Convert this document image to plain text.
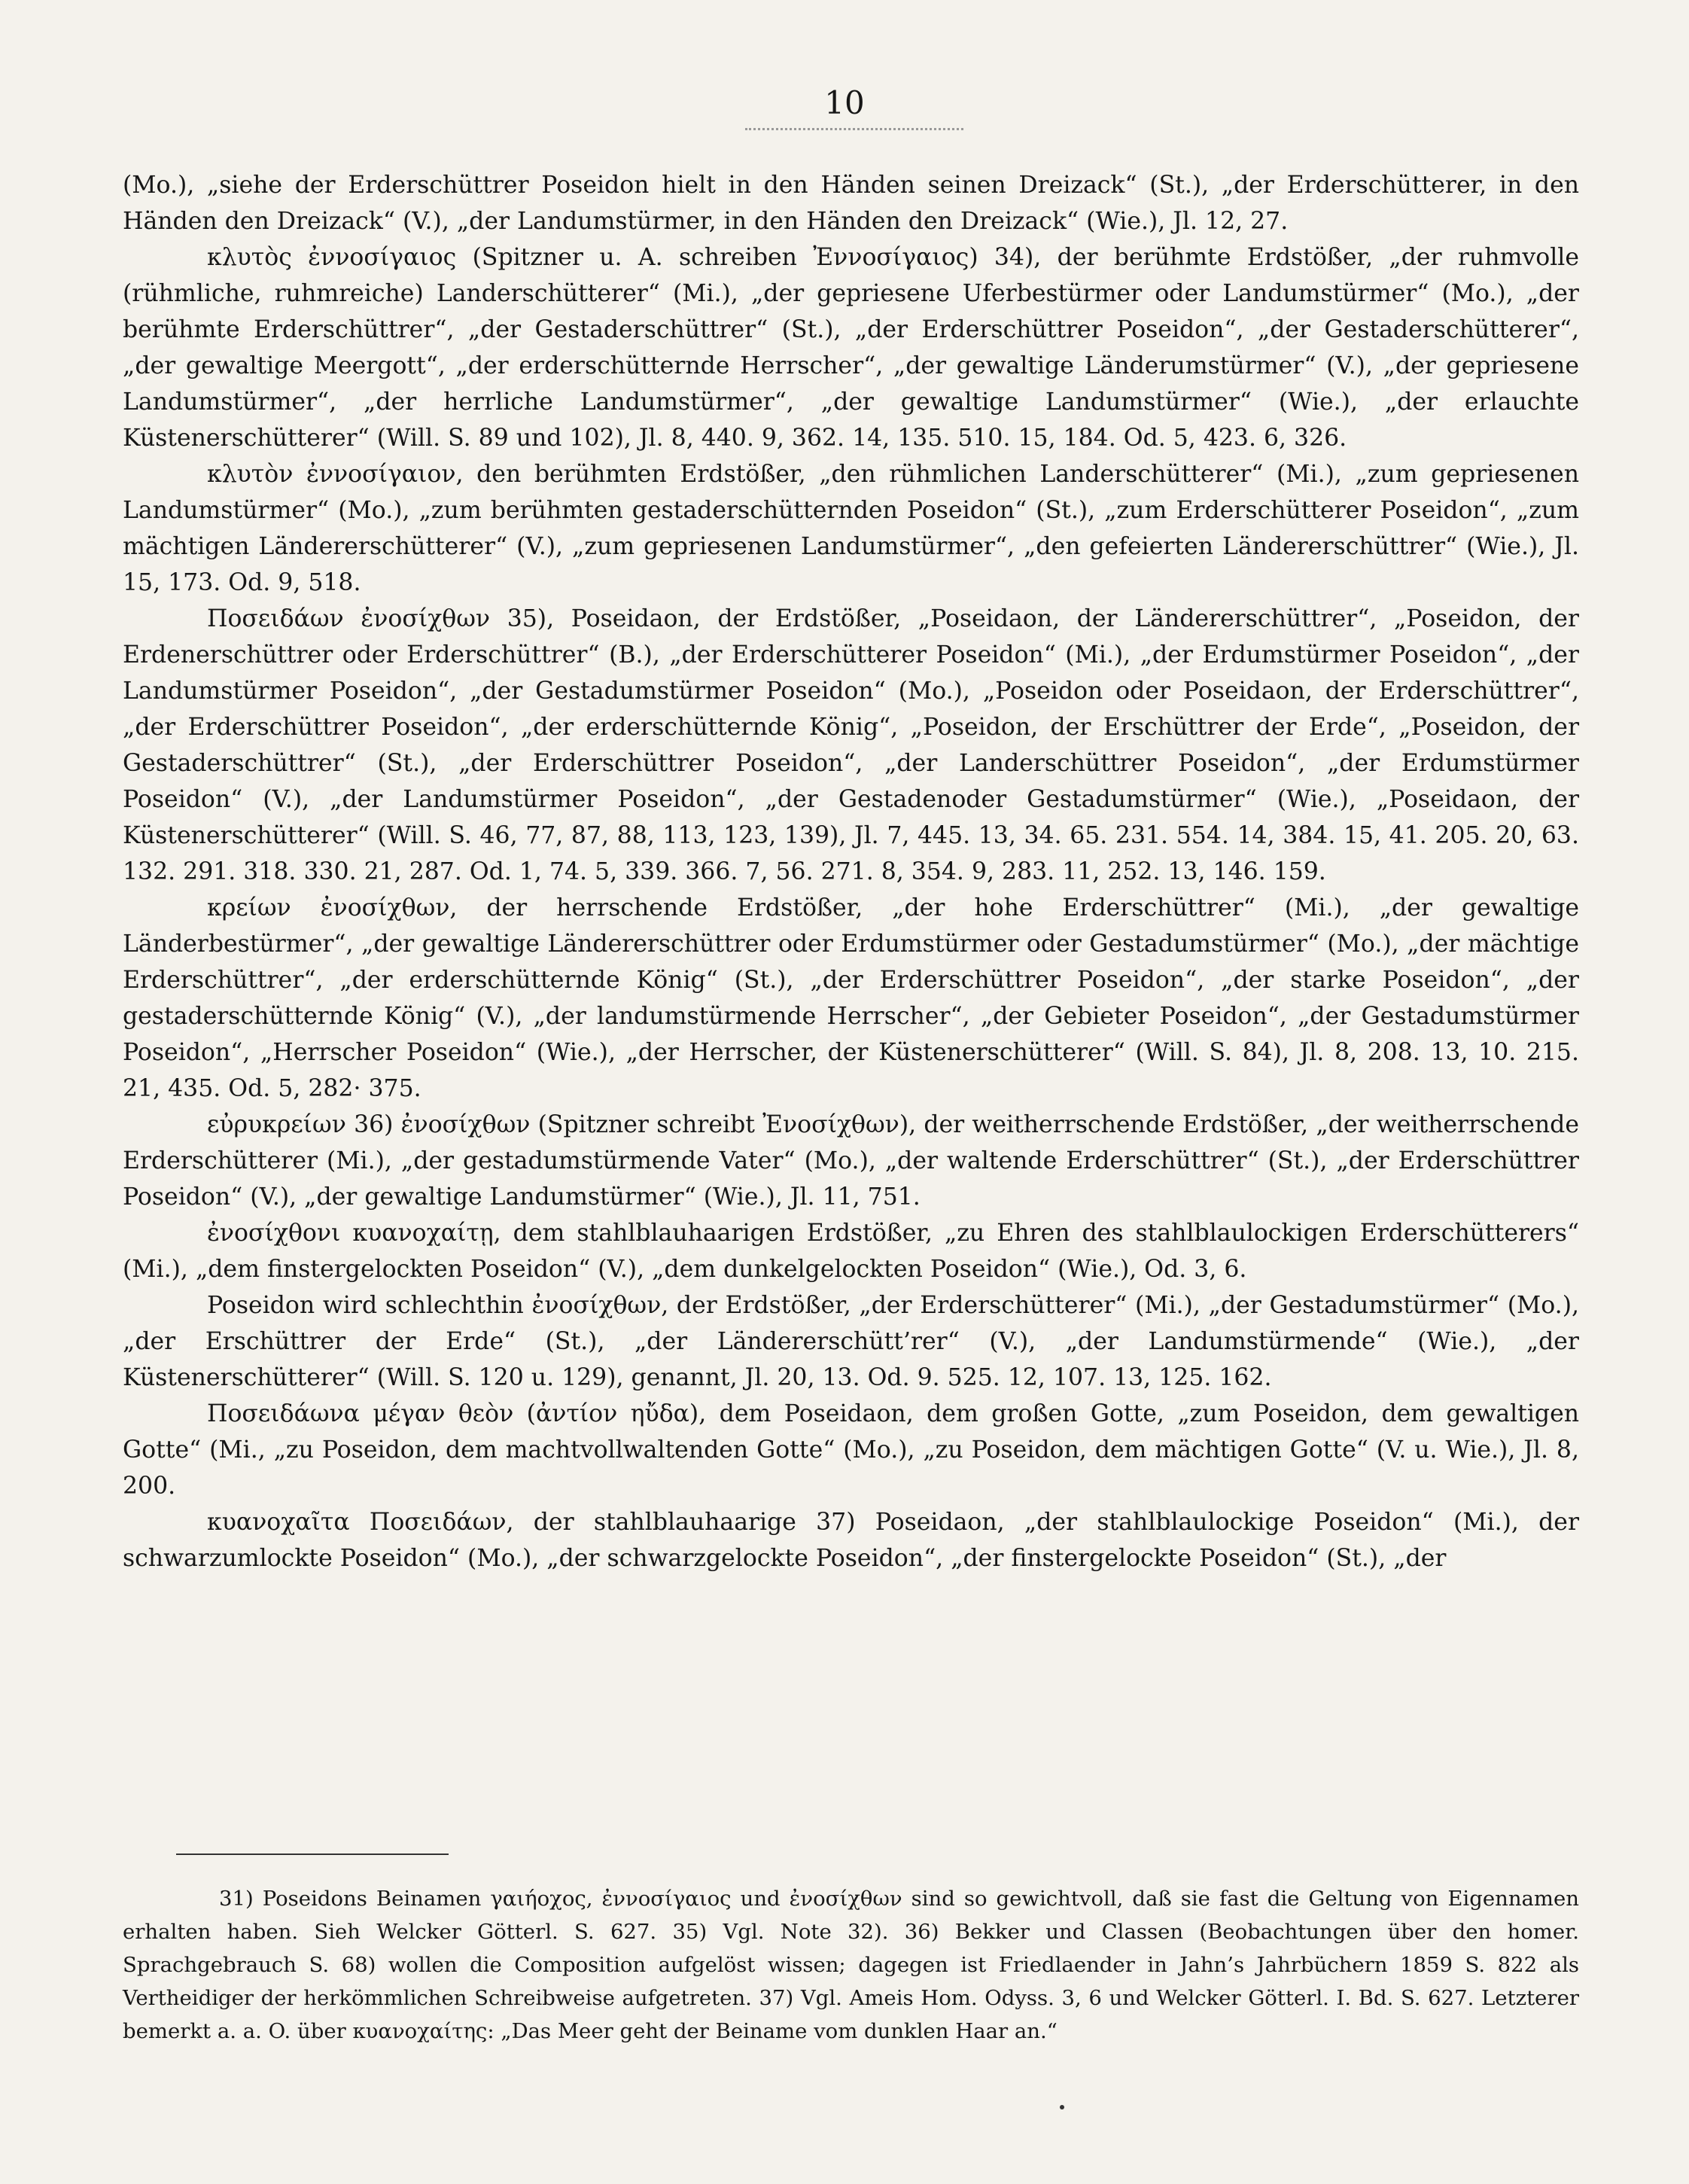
10

(Mo.), „siehe der Erderschüttrer Poseidon hielt in den Händen seinen Dreizack“ (St.), „der Erderschütterer, in den Händen den Dreizack“ (V.), „der Landumstürmer, in den Händen den Dreizack“ (Wie.), Jl. 12, 27.

κλυτὸς ἐννοσίγαιος (Spitzner u. A. schreiben Ἐννοσίγαιος) 34), der berühmte Erdstößer, „der ruhmvolle (rühmliche, ruhmreiche) Landerschütterer“ (Mi.), „der gepriesene Uferbestürmer oder Landumstürmer“ (Mo.), „der berühmte Erderschüttrer“, „der Gestaderschüttrer“ (St.), „der Erderschüttrer Poseidon“, „der Gestaderschütterer“, „der gewaltige Meergott“, „der erderschütternde Herrscher“, „der gewaltige Länderumstürmer“ (V.), „der gepriesene Landumstürmer“, „der herrliche Landumstürmer“, „der gewaltige Landumstürmer“ (Wie.), „der erlauchte Küstenerschütterer“ (Will. S. 89 und 102), Jl. 8, 440. 9, 362. 14, 135. 510. 15, 184. Od. 5, 423. 6, 326.

κλυτὸν ἐννοσίγαιον, den berühmten Erdstößer, „den rühmlichen Landerschütterer“ (Mi.), „zum gepriesenen Landumstürmer“ (Mo.), „zum berühmten gestaderschütternden Poseidon“ (St.), „zum Erderschütterer Poseidon“, „zum mächtigen Ländererschütterer“ (V.), „zum gepriesenen Landumstürmer“, „den gefeierten Ländererschüttrer“ (Wie.), Jl. 15, 173. Od. 9, 518.

Ποσειδάων ἐνοσίχθων 35), Poseidaon, der Erdstößer, „Poseidaon, der Ländererschüttrer“, „Poseidon, der Erdenerschüttrer oder Erderschüttrer“ (B.), „der Erderschütterer Poseidon“ (Mi.), „der Erdumstürmer Poseidon“, „der Landumstürmer Poseidon“, „der Gestadumstürmer Poseidon“ (Mo.), „Poseidon oder Poseidaon, der Erderschüttrer“, „der Erderschüttrer Poseidon“, „der erderschütternde König“, „Poseidon, der Erschüttrer der Erde“, „Poseidon, der Gestaderschüttrer“ (St.), „der Erderschüttrer Poseidon“, „der Landerschüttrer Poseidon“, „der Erdumstürmer Poseidon“ (V.), „der Landumstürmer Poseidon“, „der Gestadenoder Gestadumstürmer“ (Wie.), „Poseidaon, der Küstenerschütterer“ (Will. S. 46, 77, 87, 88, 113, 123, 139), Jl. 7, 445. 13, 34. 65. 231. 554. 14, 384. 15, 41. 205. 20, 63. 132. 291. 318. 330. 21, 287. Od. 1, 74. 5, 339. 366. 7, 56. 271. 8, 354. 9, 283. 11, 252. 13, 146. 159.

κρείων ἐνοσίχθων, der herrschende Erdstößer, „der hohe Erderschüttrer“ (Mi.), „der gewaltige Länderbestürmer“, „der gewaltige Ländererschüttrer oder Erdumstürmer oder Gestadumstürmer“ (Mo.), „der mächtige Erderschüttrer“, „der erderschütternde König“ (St.), „der Erderschüttrer Poseidon“, „der starke Poseidon“, „der gestaderschütternde König“ (V.), „der landumstürmende Herrscher“, „der Gebieter Poseidon“, „der Gestadumstürmer Poseidon“, „Herrscher Poseidon“ (Wie.), „der Herrscher, der Küstenerschütterer“ (Will. S. 84), Jl. 8, 208. 13, 10. 215. 21, 435. Od. 5, 282· 375.

εὐρυκρείων 36) ἐνοσίχθων (Spitzner schreibt Ἐνοσίχθων), der weitherrschende Erdstößer, „der weitherrschende Erderschütterer (Mi.), „der gestadumstürmende Vater“ (Mo.), „der waltende Erderschüttrer“ (St.), „der Erderschüttrer Poseidon“ (V.), „der gewaltige Landumstürmer“ (Wie.), Jl. 11, 751.

ἐνοσίχθονι κυανοχαίτῃ, dem stahlblauhaarigen Erdstößer, „zu Ehren des stahlblaulockigen Erderschütterers“ (Mi.), „dem finstergelockten Poseidon“ (V.), „dem dunkelgelockten Poseidon“ (Wie.), Od. 3, 6.

Poseidon wird schlechthin ἐνοσίχθων, der Erdstößer, „der Erderschütterer“ (Mi.), „der Gestadumstürmer“ (Mo.), „der Erschüttrer der Erde“ (St.), „der Ländererschütt’rer“ (V.), „der Landumstürmende“ (Wie.), „der Küstenerschütterer“ (Will. S. 120 u. 129), genannt, Jl. 20, 13. Od. 9. 525. 12, 107. 13, 125. 162.

Ποσειδάωνα μέγαν θεὸν (ἀντίον ηὔδα), dem Poseidaon, dem großen Gotte, „zum Poseidon, dem gewaltigen Gotte“ (Mi., „zu Poseidon, dem machtvollwaltenden Gotte“ (Mo.), „zu Poseidon, dem mächtigen Gotte“ (V. u. Wie.), Jl. 8, 200.

κυανοχαῖτα Ποσειδάων, der stahlblauhaarige 37) Poseidaon, „der stahlblaulockige Poseidon“ (Mi.), der schwarzumlockte Poseidon“ (Mo.), „der schwarzgelockte Poseidon“, „der finstergelockte Poseidon“ (St.), „der

31) Poseidons Beinamen γαιήοχος, ἐννοσίγαιος und ἐνοσίχθων sind so gewichtvoll, daß sie fast die Geltung von Eigennamen erhalten haben. Sieh Welcker Götterl. S. 627. 35) Vgl. Note 32). 36) Bekker und Classen (Beobachtungen über den homer. Sprachgebrauch S. 68) wollen die Composition aufgelöst wissen; dagegen ist Friedlaender in Jahn’s Jahrbüchern 1859 S. 822 als Vertheidiger der herkömmlichen Schreibweise aufgetreten. 37) Vgl. Ameis Hom. Odyss. 3, 6 und Welcker Götterl. I. Bd. S. 627. Letzterer bemerkt a. a. O. über κυανοχαίτης: „Das Meer geht der Beiname vom dunklen Haar an.“
